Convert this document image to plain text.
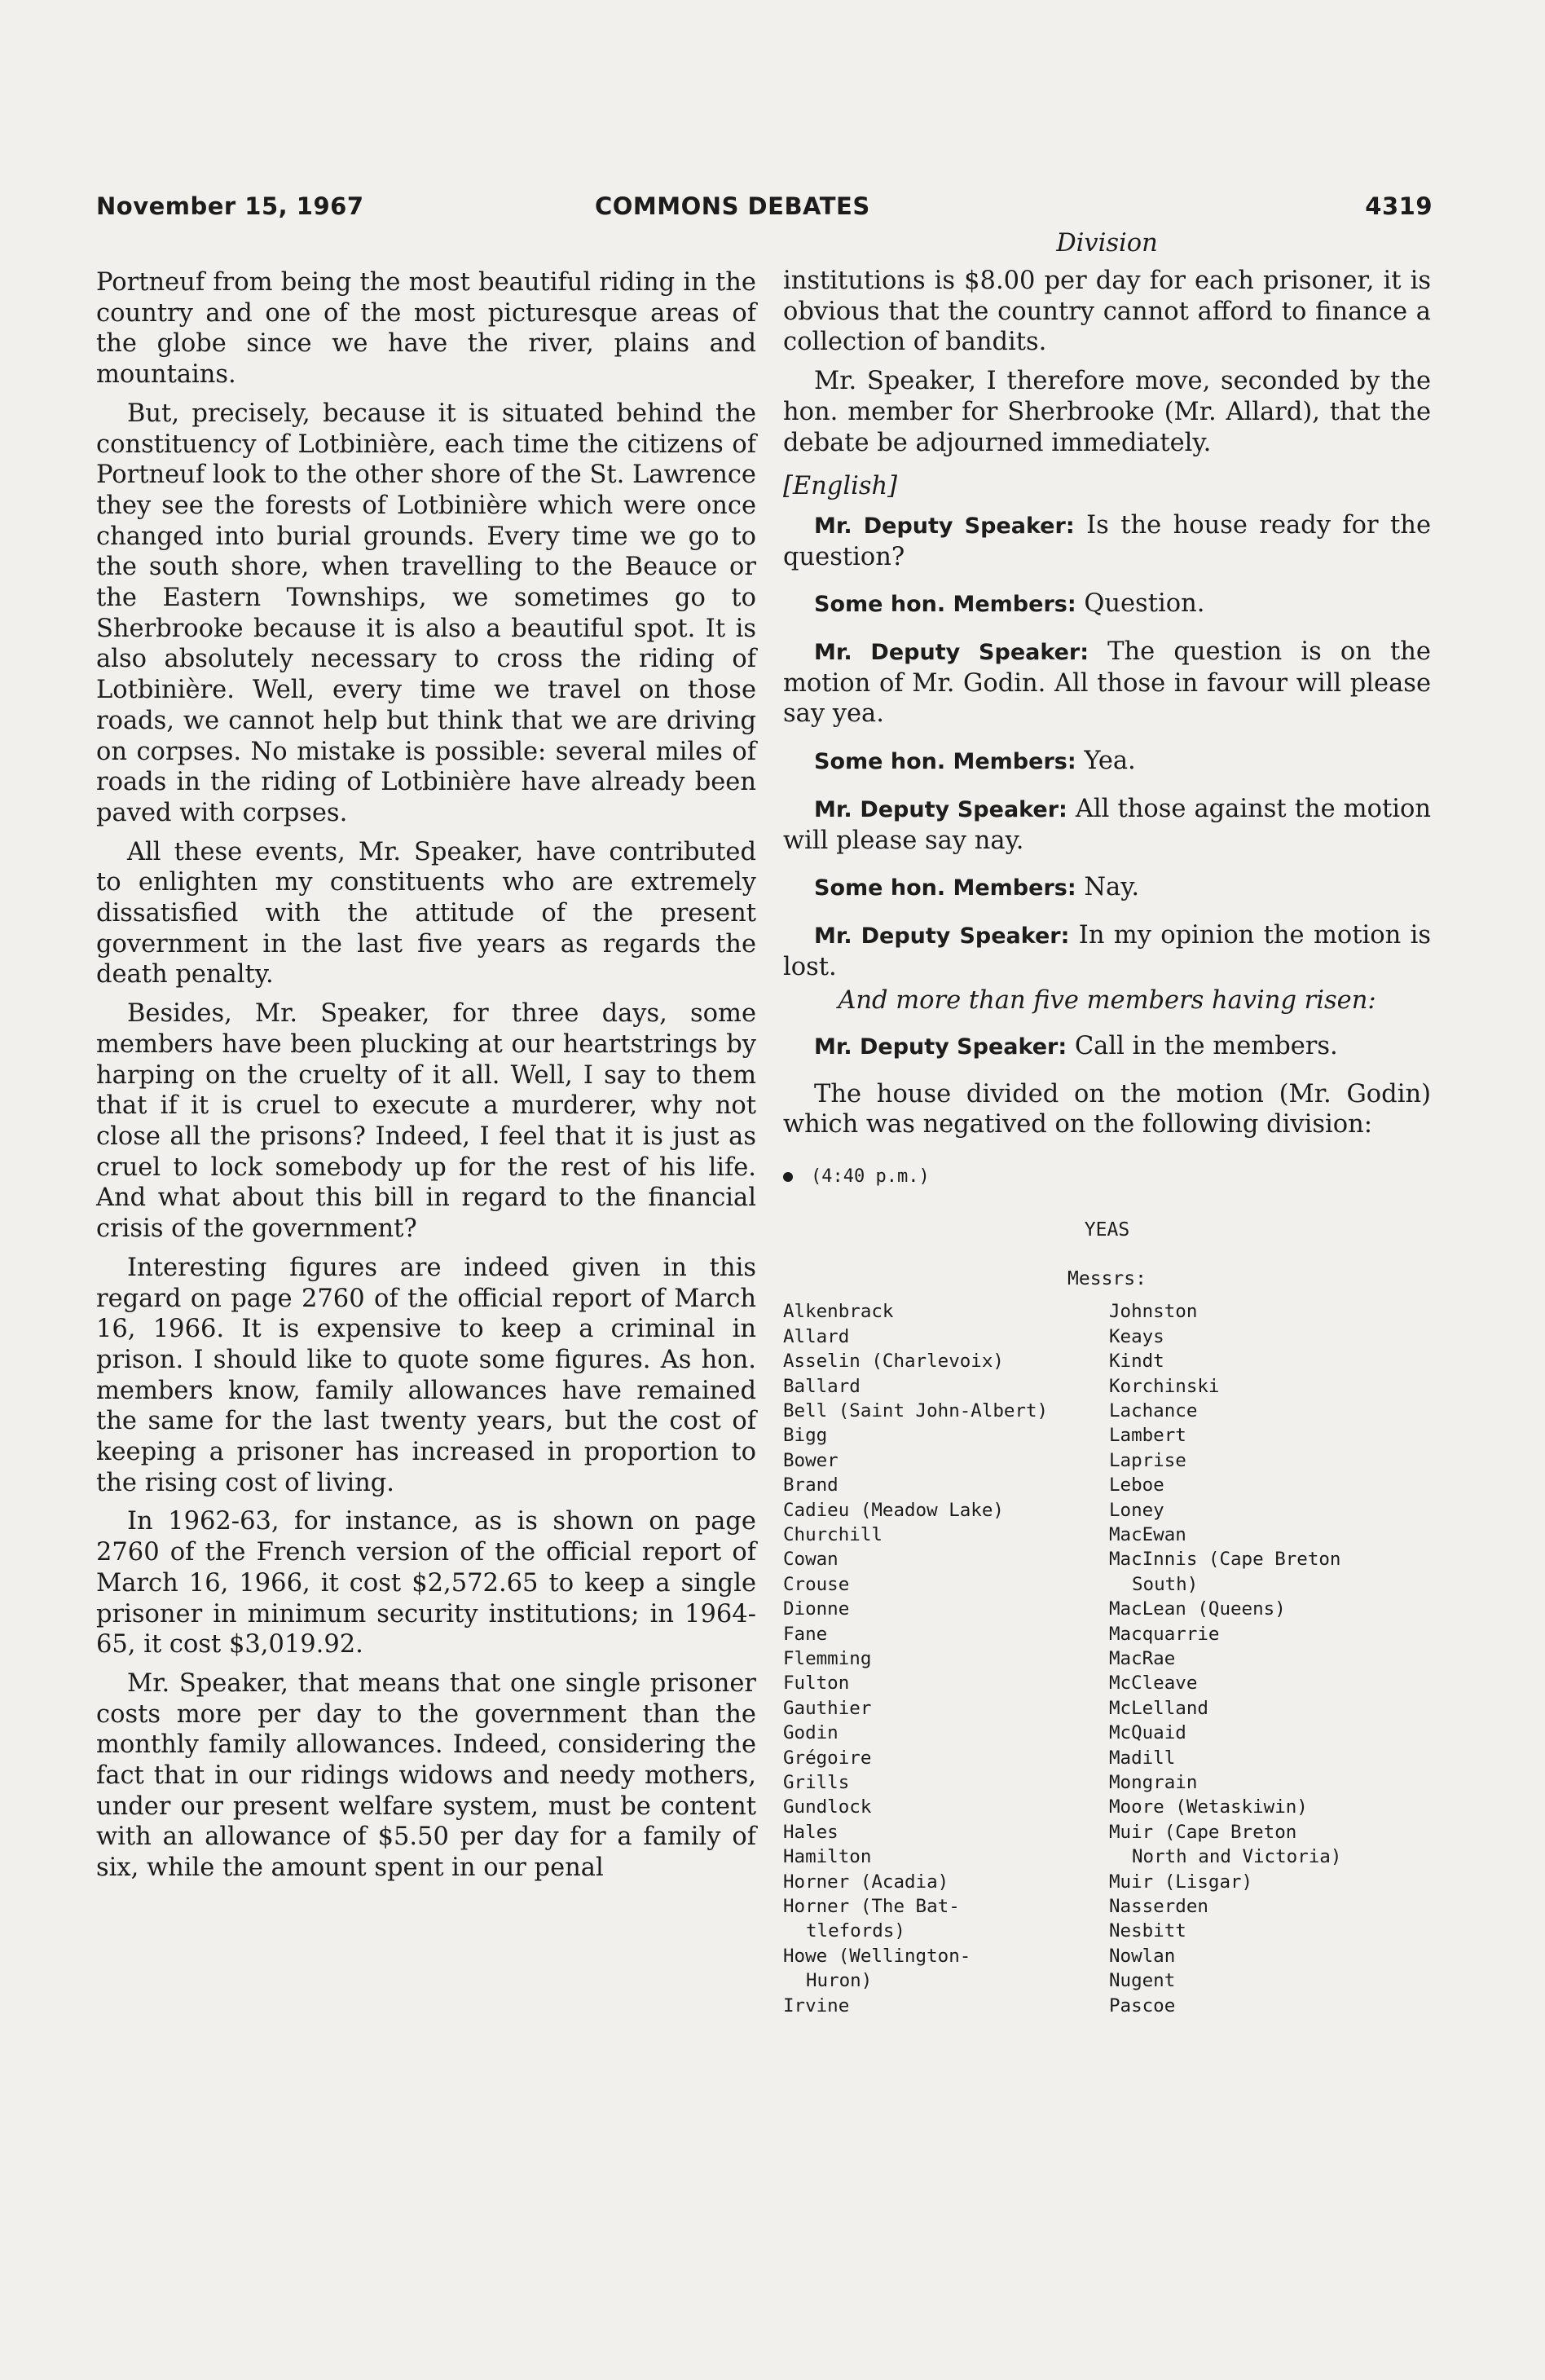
November 15, 1967	COMMONS DEBATES	4319

Portneuf from being the most beautiful riding in the country and one of the most picturesque areas of the globe since we have the river, plains and mountains.

But, precisely, because it is situated behind the constituency of Lotbinière, each time the citizens of Portneuf look to the other shore of the St. Lawrence they see the forests of Lotbinière which were once changed into burial grounds. Every time we go to the south shore, when travelling to the Beauce or the Eastern Townships, we sometimes go to Sherbrooke because it is also a beautiful spot. It is also absolutely necessary to cross the riding of Lotbinière. Well, every time we travel on those roads, we cannot help but think that we are driving on corpses. No mistake is possible: several miles of roads in the riding of Lotbinière have already been paved with corpses.

All these events, Mr. Speaker, have contributed to enlighten my constituents who are extremely dissatisfied with the attitude of the present government in the last five years as regards the death penalty.

Besides, Mr. Speaker, for three days, some members have been plucking at our heartstrings by harping on the cruelty of it all. Well, I say to them that if it is cruel to execute a murderer, why not close all the prisons? Indeed, I feel that it is just as cruel to lock somebody up for the rest of his life. And what about this bill in regard to the financial crisis of the government?

Interesting figures are indeed given in this regard on page 2760 of the official report of March 16, 1966. It is expensive to keep a criminal in prison. I should like to quote some figures. As hon. members know, family allowances have remained the same for the last twenty years, but the cost of keeping a prisoner has increased in proportion to the rising cost of living.

In 1962-63, for instance, as is shown on page 2760 of the French version of the official report of March 16, 1966, it cost $2,572.65 to keep a single prisoner in minimum security institutions; in 1964-65, it cost $3,019.92.

Mr. Speaker, that means that one single prisoner costs more per day to the government than the monthly family allowances. Indeed, considering the fact that in our ridings widows and needy mothers, under our present welfare system, must be content with an allowance of $5.50 per day for a family of six, while the amount spent in our penal

Division

institutions is $8.00 per day for each prisoner, it is obvious that the country cannot afford to finance a collection of bandits.

Mr. Speaker, I therefore move, seconded by the hon. member for Sherbrooke (Mr. Allard), that the debate be adjourned immediately.

[English]
Mr. Deputy Speaker: Is the house ready for the question?
Some hon. Members: Question.
Mr. Deputy Speaker: The question is on the motion of Mr. Godin. All those in favour will please say yea.
Some hon. Members: Yea.
Mr. Deputy Speaker: All those against the motion will please say nay.
Some hon. Members: Nay.
Mr. Deputy Speaker: In my opinion the motion is lost.
And more than five members having risen:
Mr. Deputy Speaker: Call in the members.

The house divided on the motion (Mr. Godin) which was negatived on the following division:

(4:40 p.m.)
YEAS
Messrs:
Alkenbrack
Allard
Asselin (Charlevoix)
Ballard
Bell (Saint John-Albert)
Bigg
Bower
Brand
Cadieu (Meadow Lake)
Churchill
Cowan
Crouse
Dionne
Fane
Flemming
Fulton
Gauthier
Godin
Grégoire
Grills
Gundlock
Hales
Hamilton
Horner (Acadia)
Horner (The Bat-
tlefords)
Howe (Wellington-
Huron)
Irvine
Johnston
Keays
Kindt
Korchinski
Lachance
Lambert
Laprise
Leboe
Loney
MacEwan
MacInnis (Cape Breton
South)
MacLean (Queens)
Macquarrie
MacRae
McCleave
McLelland
McQuaid
Madill
Mongrain
Moore (Wetaskiwin)
Muir (Cape Breton
North and Victoria)
Muir (Lisgar)
Nasserden
Nesbitt
Nowlan
Nugent
Pascoe
